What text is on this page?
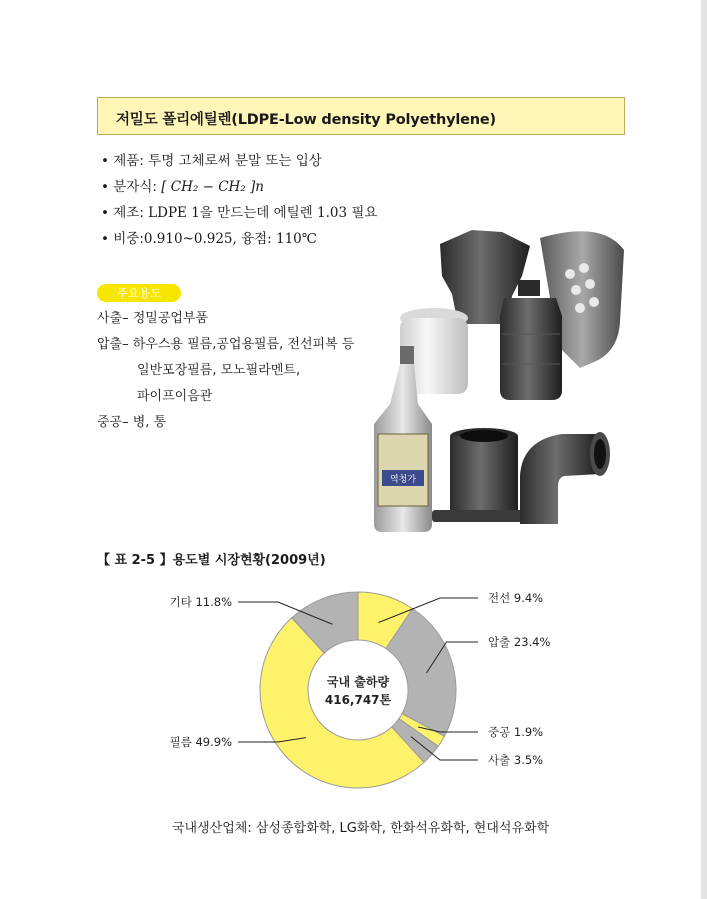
저밀도 폴리에틸렌(LDPE-Low density Polyethylene)
• 제품: 투명 고체로써 분말 또는 입상
• 분자식: [ CH₂ − CH₂ ]n
• 제조: LDPE 1을 만드는데 에틸렌 1.03 필요
• 비중:0.910~0.925, 융점: 110℃
주요용도
사출– 정밀공업부품
압출– 하우스용 필름,공업용필름, 전선피복 등
일반포장필름, 모노필라멘트,
파이프이음관
중공– 병, 통
역청가
【 표 2-5 】용도별 시장현황(2009년)
전선 9.4%
압출 23.4%
중공 1.9%
사출 3.5%
필름 49.9%
기타 11.8%
국내 출하량
416,747톤
국내생산업체: 삼성종합화학, LG화학, 한화석유화학, 현대석유화학
